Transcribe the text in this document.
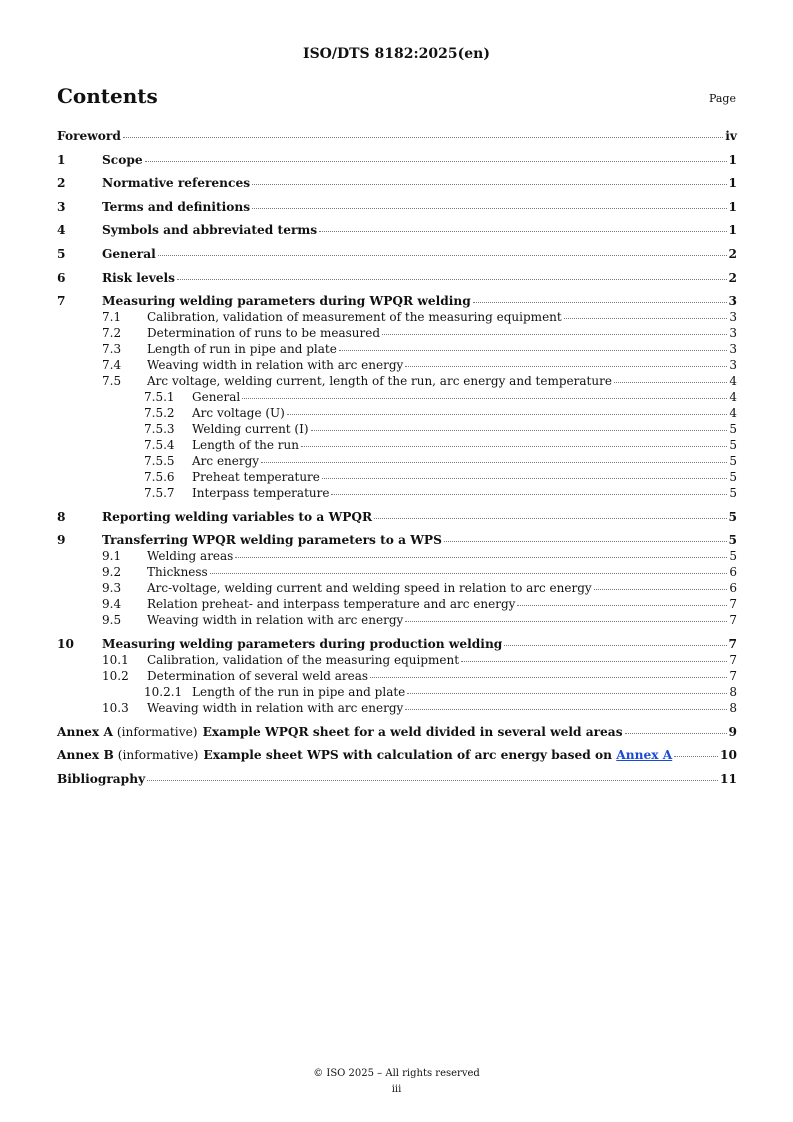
ISO/DTS 8182:2025(en)
Contents	Page
Foreword	iv
1	Scope	1
2	Normative references	1
3	Terms and definitions	1
4	Symbols and abbreviated terms	1
5	General	2
6	Risk levels	2
7	Measuring welding parameters during WPQR welding	3
7.1 Calibration, validation of measurement of the measuring equipment	3
7.2 Determination of runs to be measured	3
7.3 Length of run in pipe and plate	3
7.4 Weaving width in relation with arc energy	3
7.5 Arc voltage, welding current, length of the run, arc energy and temperature	4
7.5.1 General	4
7.5.2 Arc voltage (U)	4
7.5.3 Welding current (I)	5
7.5.4 Length of the run	5
7.5.5 Arc energy	5
7.5.6 Preheat temperature	5
7.5.7 Interpass temperature	5
8	Reporting welding variables to a WPQR	5
9	Transferring WPQR welding parameters to a WPS	5
9.1 Welding areas	5
9.2 Thickness	6
9.3 Arc-voltage, welding current and welding speed in relation to arc energy	6
9.4 Relation preheat- and interpass temperature and arc energy	7
9.5 Weaving width in relation with arc energy	7
10	Measuring welding parameters during production welding	7
10.1 Calibration, validation of the measuring equipment	7
10.2 Determination of several weld areas	7
10.2.1 Length of the run in pipe and plate	8
10.3 Weaving width in relation with arc energy	8
Annex A (informative) Example WPQR sheet for a weld divided in several weld areas	9
Annex B (informative) Example sheet WPS with calculation of arc energy based on Annex A	10
Bibliography	11
© ISO 2025 – All rights reserved
iii
